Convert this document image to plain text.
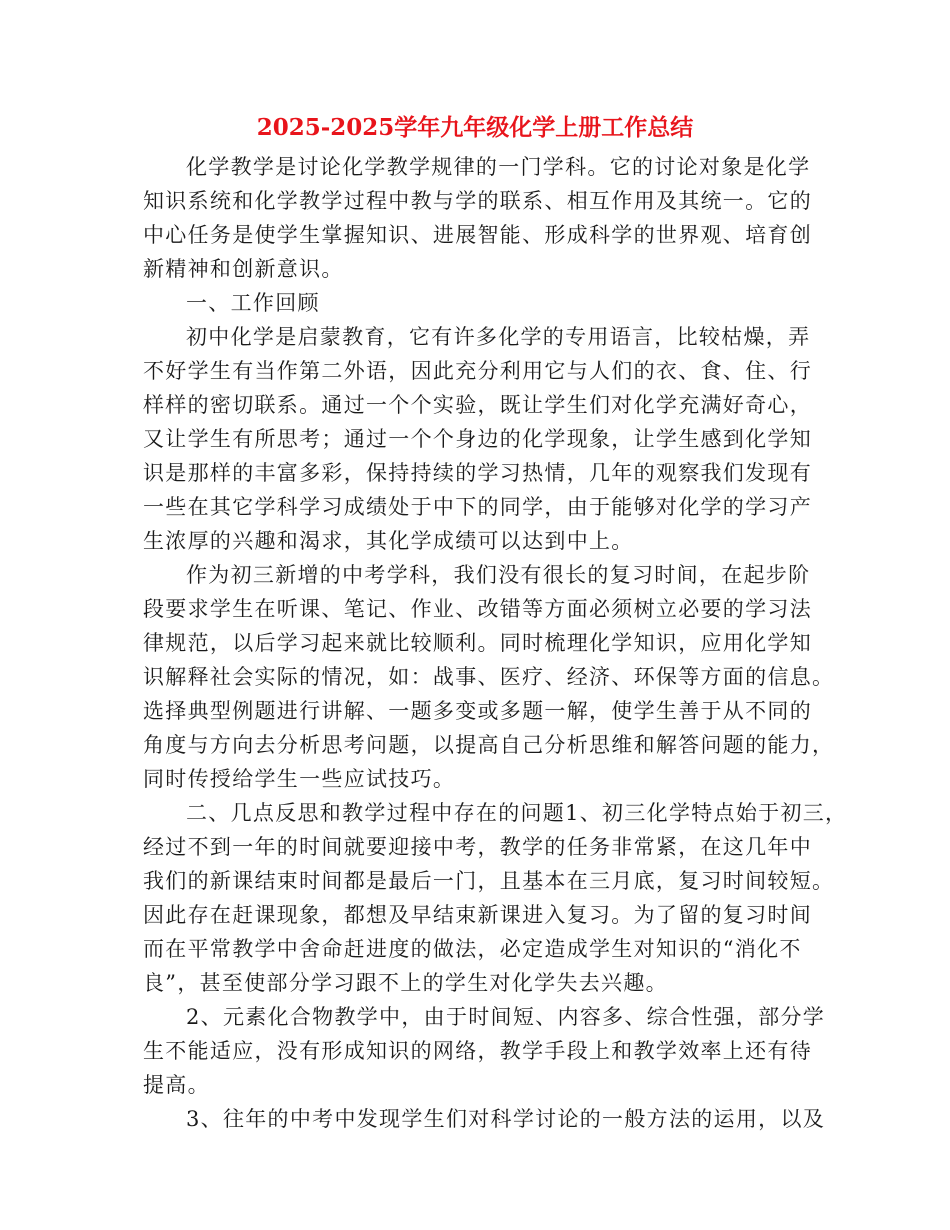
2025-2025学年九年级化学上册工作总结
化学教学是讨论化学教学规律的一门学科。它的讨论对象是化学
知识系统和化学教学过程中教与学的联系、相互作用及其统一。它的
中心任务是使学生掌握知识、进展智能、形成科学的世界观、培育创
新精神和创新意识。
一、工作回顾
初中化学是启蒙教育，它有许多化学的专用语言，比较枯燥，弄
不好学生有当作第二外语，因此充分利用它与人们的衣、食、住、行
样样的密切联系。通过一个个实验，既让学生们对化学充满好奇心，
又让学生有所思考；通过一个个身边的化学现象，让学生感到化学知
识是那样的丰富多彩，保持持续的学习热情，几年的观察我们发现有
一些在其它学科学习成绩处于中下的同学，由于能够对化学的学习产
生浓厚的兴趣和渴求，其化学成绩可以达到中上。
作为初三新增的中考学科，我们没有很长的复习时间，在起步阶
段要求学生在听课、笔记、作业、改错等方面必须树立必要的学习法
律规范，以后学习起来就比较顺利。同时梳理化学知识，应用化学知
识解释社会实际的情况，如：战事、医疗、经济、环保等方面的信息。
选择典型例题进行讲解、一题多变或多题一解，使学生善于从不同的
角度与方向去分析思考问题，以提高自己分析思维和解答问题的能力，
同时传授给学生一些应试技巧。
二、几点反思和教学过程中存在的问题1、初三化学特点始于初三，
经过不到一年的时间就要迎接中考，教学的任务非常紧，在这几年中
我们的新课结束时间都是最后一门，且基本在三月底，复习时间较短。
因此存在赶课现象，都想及早结束新课进入复习。为了留的复习时间
而在平常教学中舍命赶进度的做法，必定造成学生对知识的“消化不
良”，甚至使部分学习跟不上的学生对化学失去兴趣。
2、元素化合物教学中，由于时间短、内容多、综合性强，部分学
生不能适应，没有形成知识的网络，教学手段上和教学效率上还有待
提高。
3、往年的中考中发现学生们对科学讨论的一般方法的运用，以及
